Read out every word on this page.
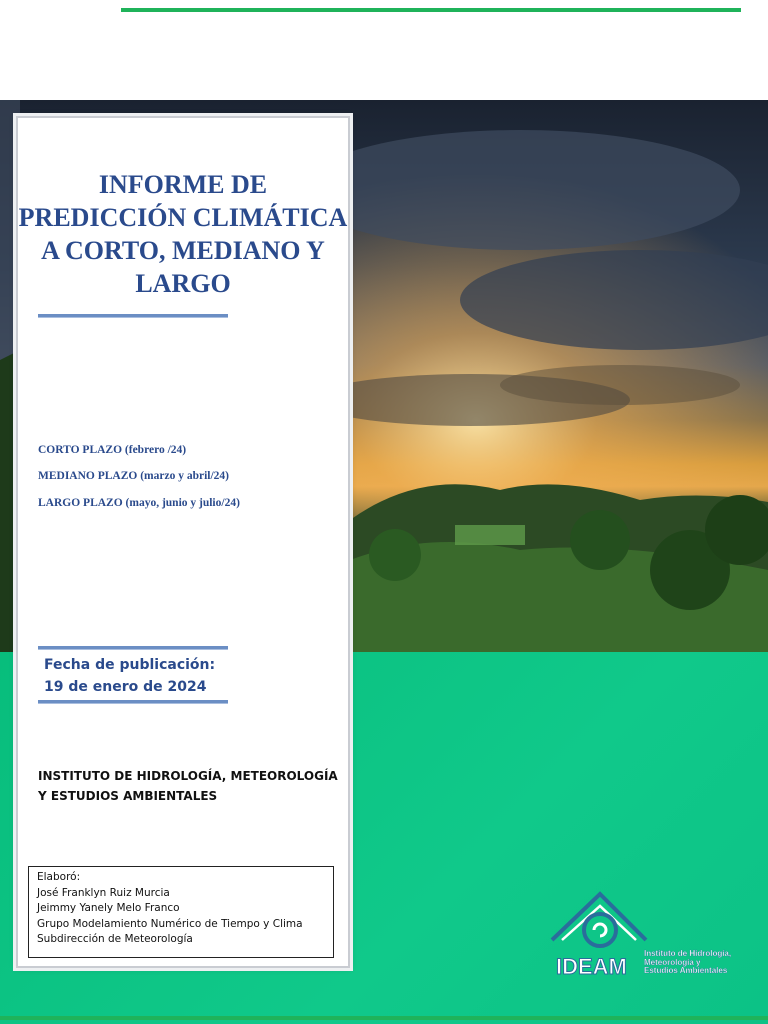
INFORME DE PREDICCIÓN CLIMÁTICA A CORTO, MEDIANO Y LARGO

CORTO PLAZO (febrero /24)

MEDIANO PLAZO (marzo y abril/24)

LARGO PLAZO (mayo, junio y julio/24)

Fecha de publicación:
19 de enero de 2024

INSTITUTO DE HIDROLOGÍA, METEOROLOGÍA
Y ESTUDIOS AMBIENTALES

Elaboró:
José Franklyn Ruiz Murcia
Jeimmy Yanely Melo Franco
Grupo Modelamiento Numérico de Tiempo y Clima
Subdirección de Meteorología

IDEAM

Instituto de Hidrología,
Meteorología y
Estudios Ambientales
